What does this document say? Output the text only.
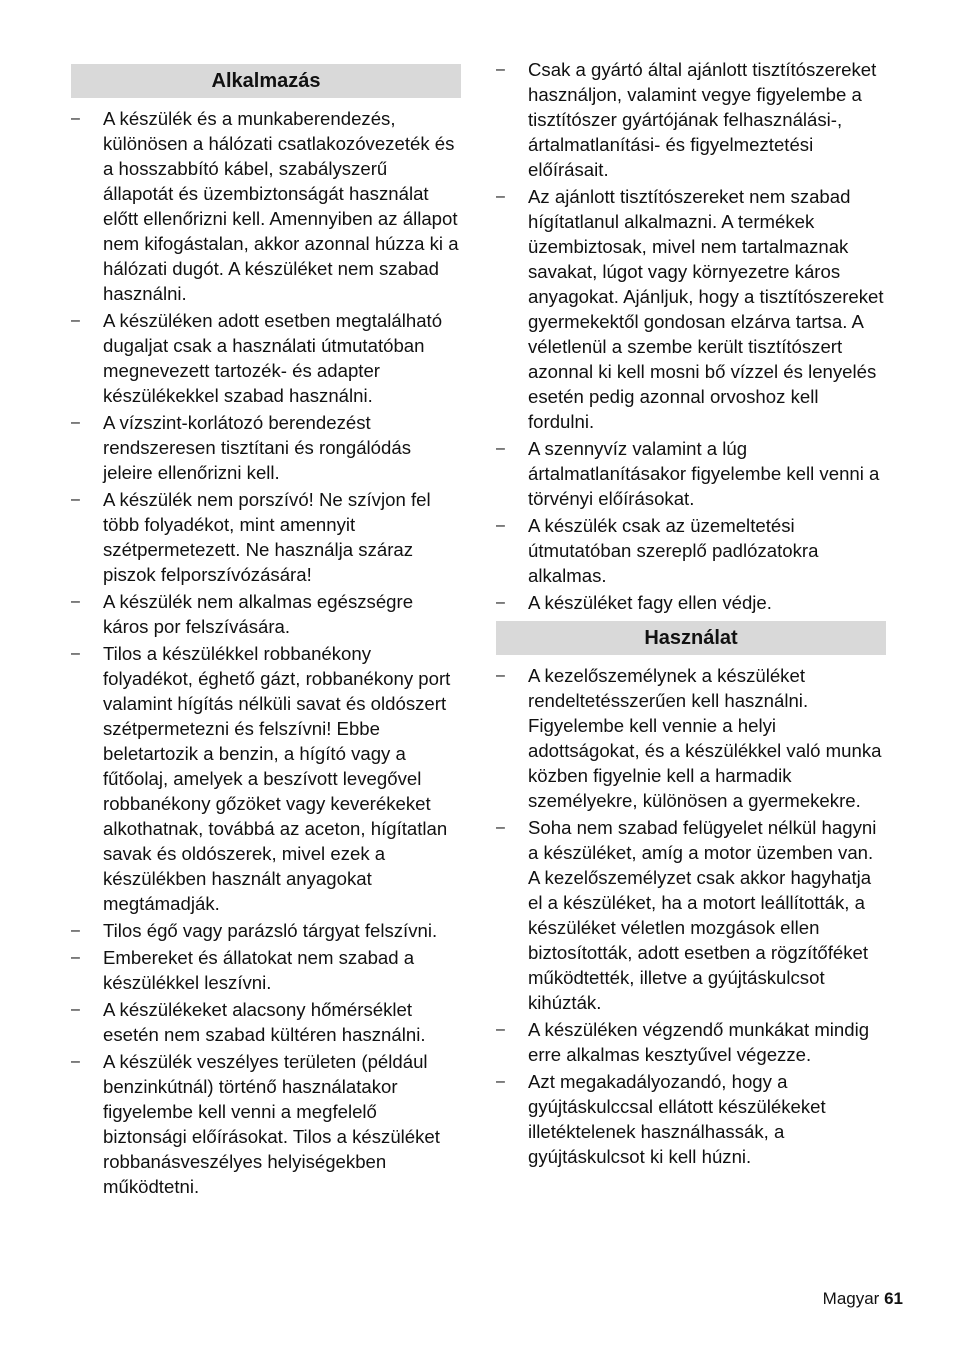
Alkalmazás
– A készülék és a munkaberendezés, különösen a hálózati csatlakozóvezeték és a hosszabbító kábel, szabályszerű állapotát és üzembiztonságát használat előtt ellenőrizni kell. Amennyiben az állapot nem kifogástalan, akkor azonnal húzza ki a hálózati dugót. A készüléket nem szabad használni.
– A készüléken adott esetben megtalálható dugaljat csak a használati útmutatóban megnevezett tartozék- és adapter készülékekkel szabad használni.
– A vízszint-korlátozó berendezést rendszeresen tisztítani és rongálódás jeleire ellenőrizni kell.
– A készülék nem porszívó! Ne szívjon fel több folyadékot, mint amennyit szétpermetezett. Ne használja száraz piszok felporszívózására!
– A készülék nem alkalmas egészségre káros por felszívására.
– Tilos a készülékkel robbanékony folyadékot, éghető gázt, robbanékony port valamint hígítás nélküli savat és oldószert szétpermetezni és felszívni! Ebbe beletartozik a benzin, a hígító vagy a fűtőolaj, amelyek a beszívott levegővel robbanékony gőzöket vagy keverékeket alkothatnak, továbbá az aceton, hígítatlan savak és oldószerek, mivel ezek a készülékben használt anyagokat megtámadják.
– Tilos égő vagy parázsló tárgyat felszívni.
– Embereket és állatokat nem szabad a készülékkel leszívni.
– A készülékeket alacsony hőmérséklet esetén nem szabad kültéren használni.
– A készülék veszélyes területen (például benzinkútnál) történő használatakor figyelembe kell venni a megfelelő biztonsági előírásokat. Tilos a készüléket robbanásveszélyes helyiségekben működtetni.
– Csak a gyártó által ajánlott tisztítószereket használjon, valamint vegye figyelembe a tisztítószer gyártójának felhasználási-, ártalmatlanítási- és figyelmeztetési előírásait.
– Az ajánlott tisztítószereket nem szabad hígítatlanul alkalmazni. A termékek üzembiztosak, mivel nem tartalmaznak savakat, lúgot vagy környezetre káros anyagokat. Ajánljuk, hogy a tisztítószereket gyermekektől gondosan elzárva tartsa. A véletlenül a szembe került tisztítószert azonnal ki kell mosni bő vízzel és lenyelés esetén pedig azonnal orvoshoz kell fordulni.
– A szennyvíz valamint a lúg ártalmatlanításakor figyelembe kell venni a törvényi előírásokat.
– A készülék csak az üzemeltetési útmutatóban szereplő padlózatokra alkalmas.
– A készüléket fagy ellen védje.
Használat
– A kezelőszemélynek a készüléket rendeltetésszerűen kell használni. Figyelembe kell vennie a helyi adottságokat, és a készülékkel való munka közben figyelnie kell a harmadik személyekre, különösen a gyermekekre.
– Soha nem szabad felügyelet nélkül hagyni a készüléket, amíg a motor üzemben van. A kezelőszemélyzet csak akkor hagyhatja el a készüléket, ha a motort leállították, a készüléket véletlen mozgások ellen biztosították, adott esetben a rögzítőféket működtették, illetve a gyújtáskulcsot kihúzták.
– A készüléken végzendő munkákat mindig erre alkalmas kesztyűvel végezze.
– Azt megakadályozandó, hogy a gyújtáskulccsal ellátott készülékeket illetéktelenek használhassák, a gyújtáskulcsot ki kell húzni.
Magyar 61
